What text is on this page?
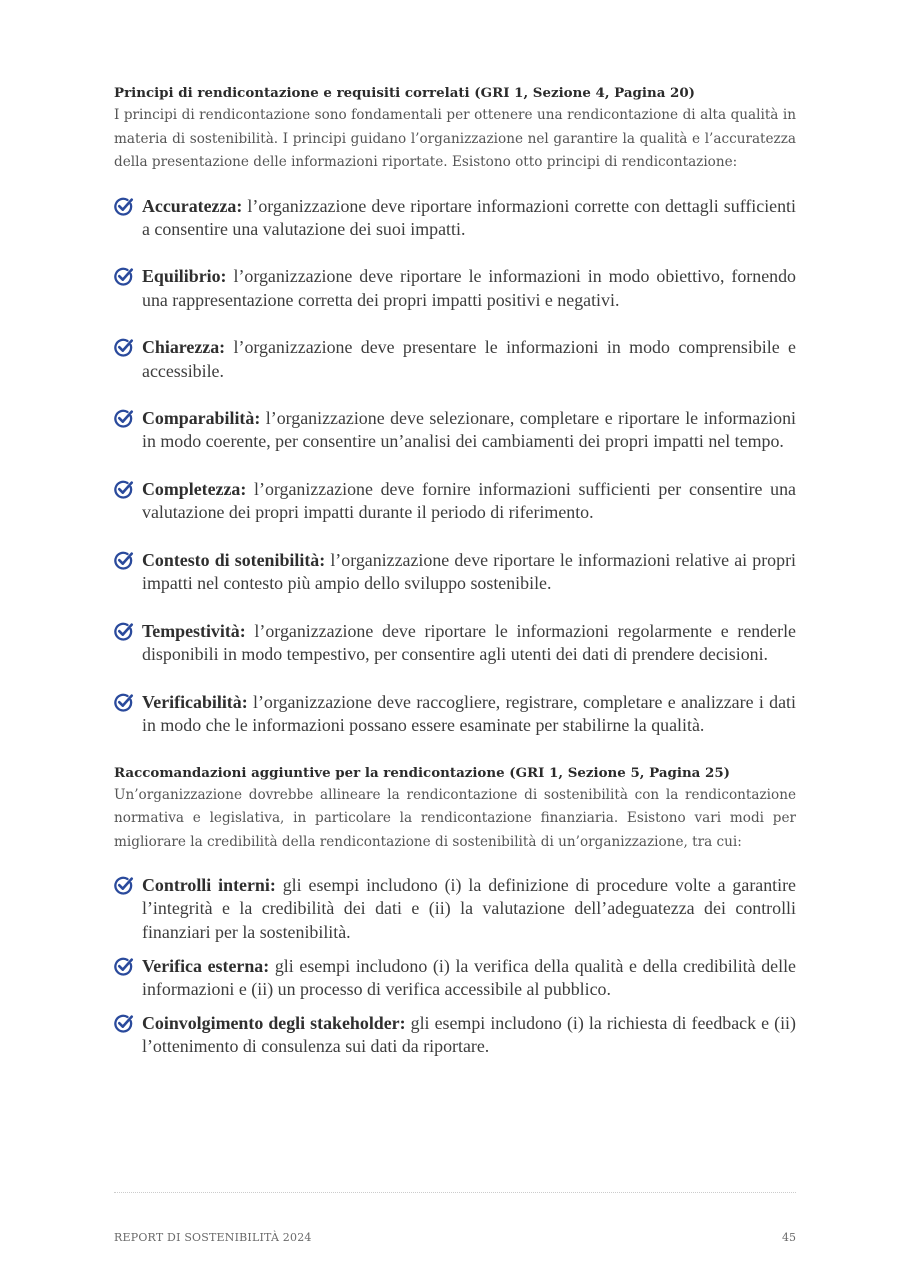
Principi di rendicontazione e requisiti correlati (GRI 1, Sezione 4, Pagina 20)

I principi di rendicontazione sono fondamentali per ottenere una rendicontazione di alta qualità in materia di sostenibilità. I principi guidano l’organizzazione nel garantire la qualità e l’accuratezza della presentazione delle informazioni riportate. Esistono otto principi di rendicontazione:

Accuratezza: l’organizzazione deve riportare informazioni corrette con dettagli sufficienti a consentire una valutazione dei suoi impatti.
Equilibrio: l’organizzazione deve riportare le informazioni in modo obiettivo, fornendo una rappresentazione corretta dei propri impatti positivi e negativi.
Chiarezza: l’organizzazione deve presentare le informazioni in modo comprensibile e accessibile.
Comparabilità: l’organizzazione deve selezionare, completare e riportare le informazioni in modo coerente, per consentire un’analisi dei cambiamenti dei propri impatti nel tempo.
Completezza: l’organizzazione deve fornire informazioni sufficienti per consentire una valutazione dei propri impatti durante il periodo di riferimento.
Contesto di sotenibilità: l’organizzazione deve riportare le informazioni relative ai propri impatti nel contesto più ampio dello sviluppo sostenibile.
Tempestività: l’organizzazione deve riportare le informazioni regolarmente e renderle disponibili in modo tempestivo, per consentire agli utenti dei dati di prendere decisioni.
Verificabilità: l’organizzazione deve raccogliere, registrare, completare e analizzare i dati in modo che le informazioni possano essere esaminate per stabilirne la qualità.
Raccomandazioni aggiuntive per la rendicontazione (GRI 1, Sezione 5, Pagina 25)

Un’organizzazione dovrebbe allineare la rendicontazione di sostenibilità con la rendicontazione normativa e legislativa, in particolare la rendicontazione finanziaria. Esistono vari modi per migliorare la credibilità della rendicontazione di sostenibilità di un’organizzazione, tra cui:

Controlli interni: gli esempi includono (i) la definizione di procedure volte a garantire l’integrità e la credibilità dei dati e (ii) la valutazione dell’adeguatezza dei controlli finanziari per la sostenibilità.
Verifica esterna: gli esempi includono (i) la verifica della qualità e della credibilità delle informazioni e (ii) un processo di verifica accessibile al pubblico.
Coinvolgimento degli stakeholder: gli esempi includono (i) la richiesta di feedback e (ii) l’ottenimento di consulenza sui dati da riportare.
REPORT DI SOSTENIBILITÀ 2024	45
